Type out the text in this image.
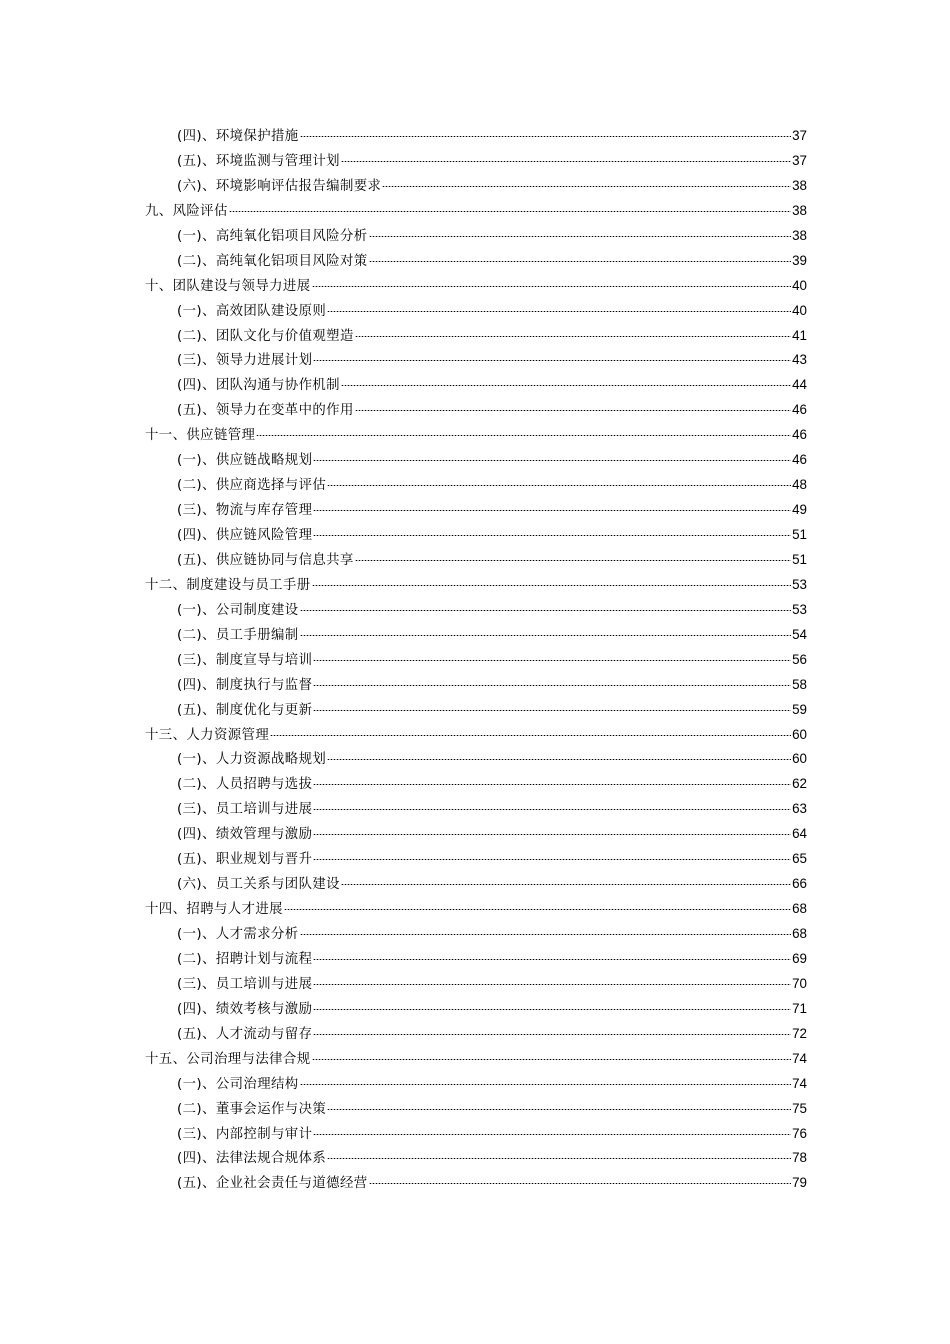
(四)、环境保护措施	37
(五)、环境监测与管理计划	37
(六)、环境影响评估报告编制要求	38
九、风险评估	38
(一)、高纯氧化铝项目风险分析	38
(二)、高纯氧化铝项目风险对策	39
十、团队建设与领导力进展	40
(一)、高效团队建设原则	40
(二)、团队文化与价值观塑造	41
(三)、领导力进展计划	43
(四)、团队沟通与协作机制	44
(五)、领导力在变革中的作用	46
十一、供应链管理	46
(一)、供应链战略规划	46
(二)、供应商选择与评估	48
(三)、物流与库存管理	49
(四)、供应链风险管理	51
(五)、供应链协同与信息共享	51
十二、制度建设与员工手册	53
(一)、公司制度建设	53
(二)、员工手册编制	54
(三)、制度宣导与培训	56
(四)、制度执行与监督	58
(五)、制度优化与更新	59
十三、人力资源管理	60
(一)、人力资源战略规划	60
(二)、人员招聘与选拔	62
(三)、员工培训与进展	63
(四)、绩效管理与激励	64
(五)、职业规划与晋升	65
(六)、员工关系与团队建设	66
十四、招聘与人才进展	68
(一)、人才需求分析	68
(二)、招聘计划与流程	69
(三)、员工培训与进展	70
(四)、绩效考核与激励	71
(五)、人才流动与留存	72
十五、公司治理与法律合规	74
(一)、公司治理结构	74
(二)、董事会运作与决策	75
(三)、内部控制与审计	76
(四)、法律法规合规体系	78
(五)、企业社会责任与道德经营	79
